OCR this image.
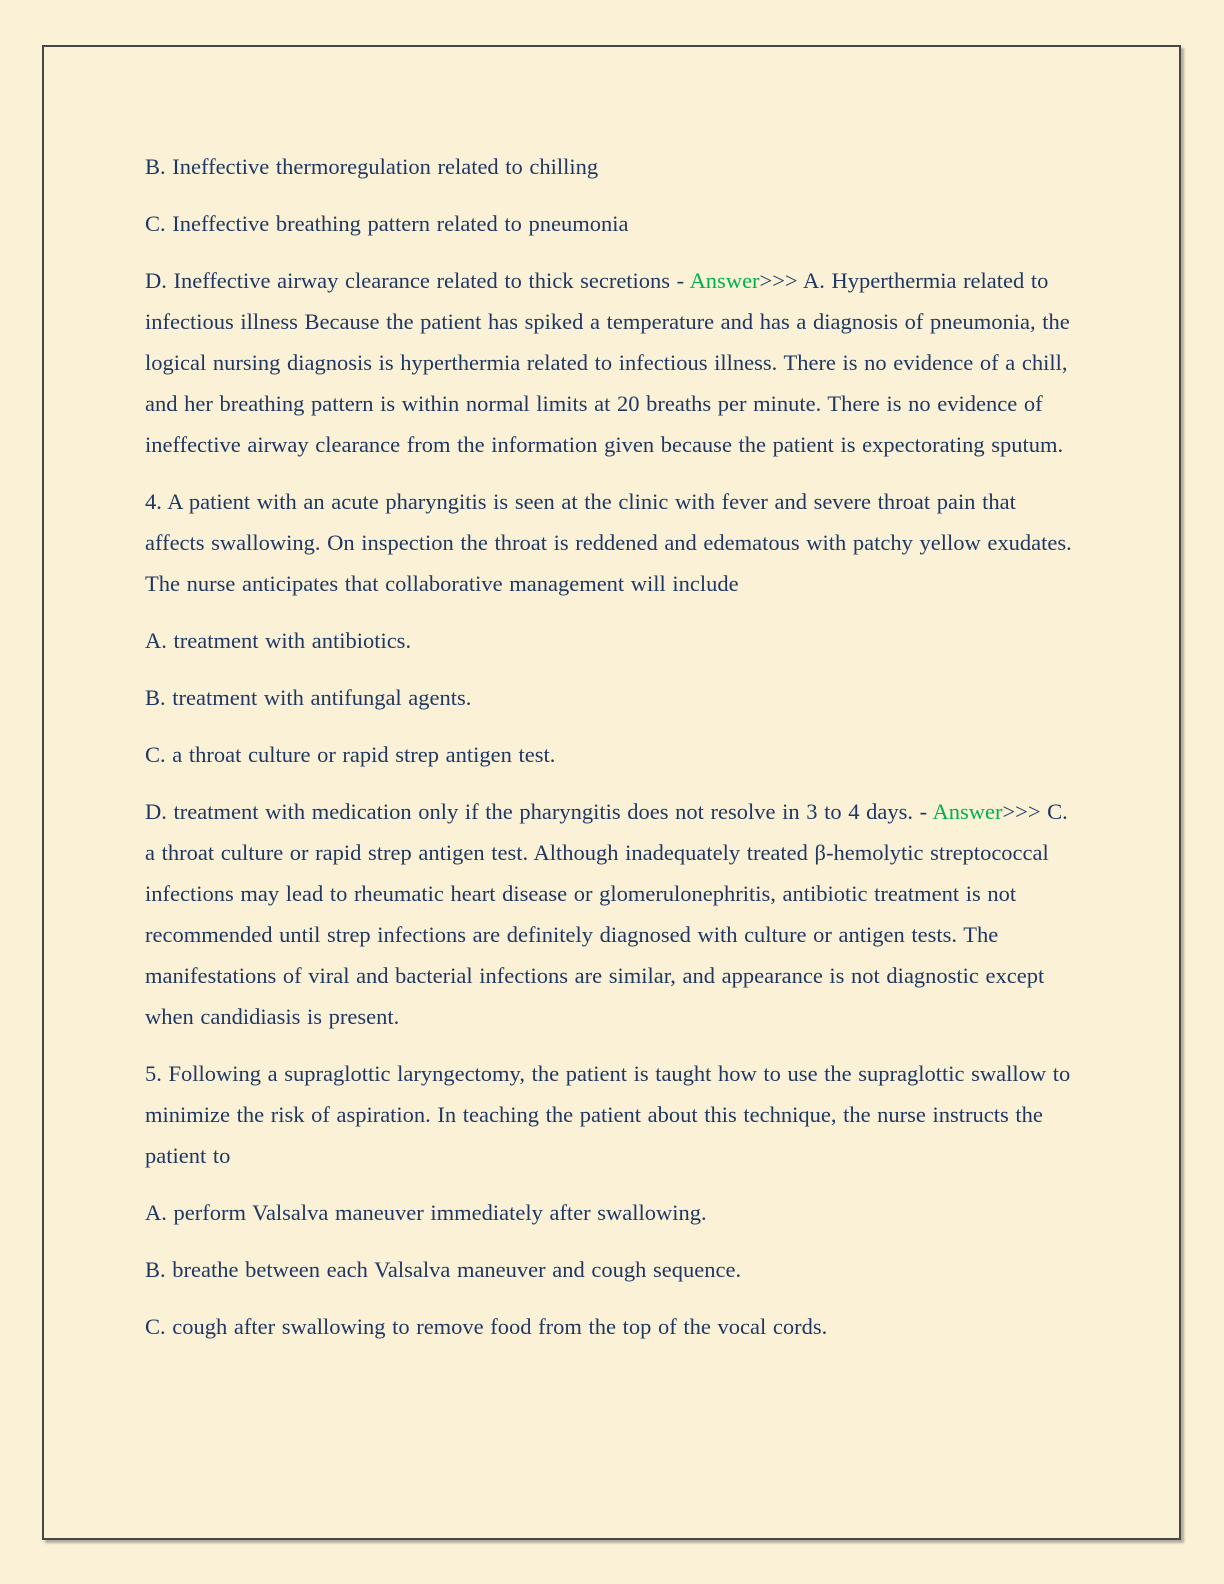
B. Ineffective thermoregulation related to chilling

C. Ineffective breathing pattern related to pneumonia

D. Ineffective airway clearance related to thick secretions - Answer>>> A. Hyperthermia related to infectious illness Because the patient has spiked a temperature and has a diagnosis of pneumonia, the logical nursing diagnosis is hyperthermia related to infectious illness. There is no evidence of a chill, and her breathing pattern is within normal limits at 20 breaths per minute. There is no evidence of ineffective airway clearance from the information given because the patient is expectorating sputum.

4. A patient with an acute pharyngitis is seen at the clinic with fever and severe throat pain that affects swallowing. On inspection the throat is reddened and edematous with patchy yellow exudates. The nurse anticipates that collaborative management will include

A. treatment with antibiotics.

B. treatment with antifungal agents.

C. a throat culture or rapid strep antigen test.

D. treatment with medication only if the pharyngitis does not resolve in 3 to 4 days. - Answer>>> C. a throat culture or rapid strep antigen test. Although inadequately treated β-hemolytic streptococcal infections may lead to rheumatic heart disease or glomerulonephritis, antibiotic treatment is not recommended until strep infections are definitely diagnosed with culture or antigen tests. The manifestations of viral and bacterial infections are similar, and appearance is not diagnostic except when candidiasis is present.

5. Following a supraglottic laryngectomy, the patient is taught how to use the supraglottic swallow to minimize the risk of aspiration. In teaching the patient about this technique, the nurse instructs the patient to

A. perform Valsalva maneuver immediately after swallowing.

B. breathe between each Valsalva maneuver and cough sequence.

C. cough after swallowing to remove food from the top of the vocal cords.
